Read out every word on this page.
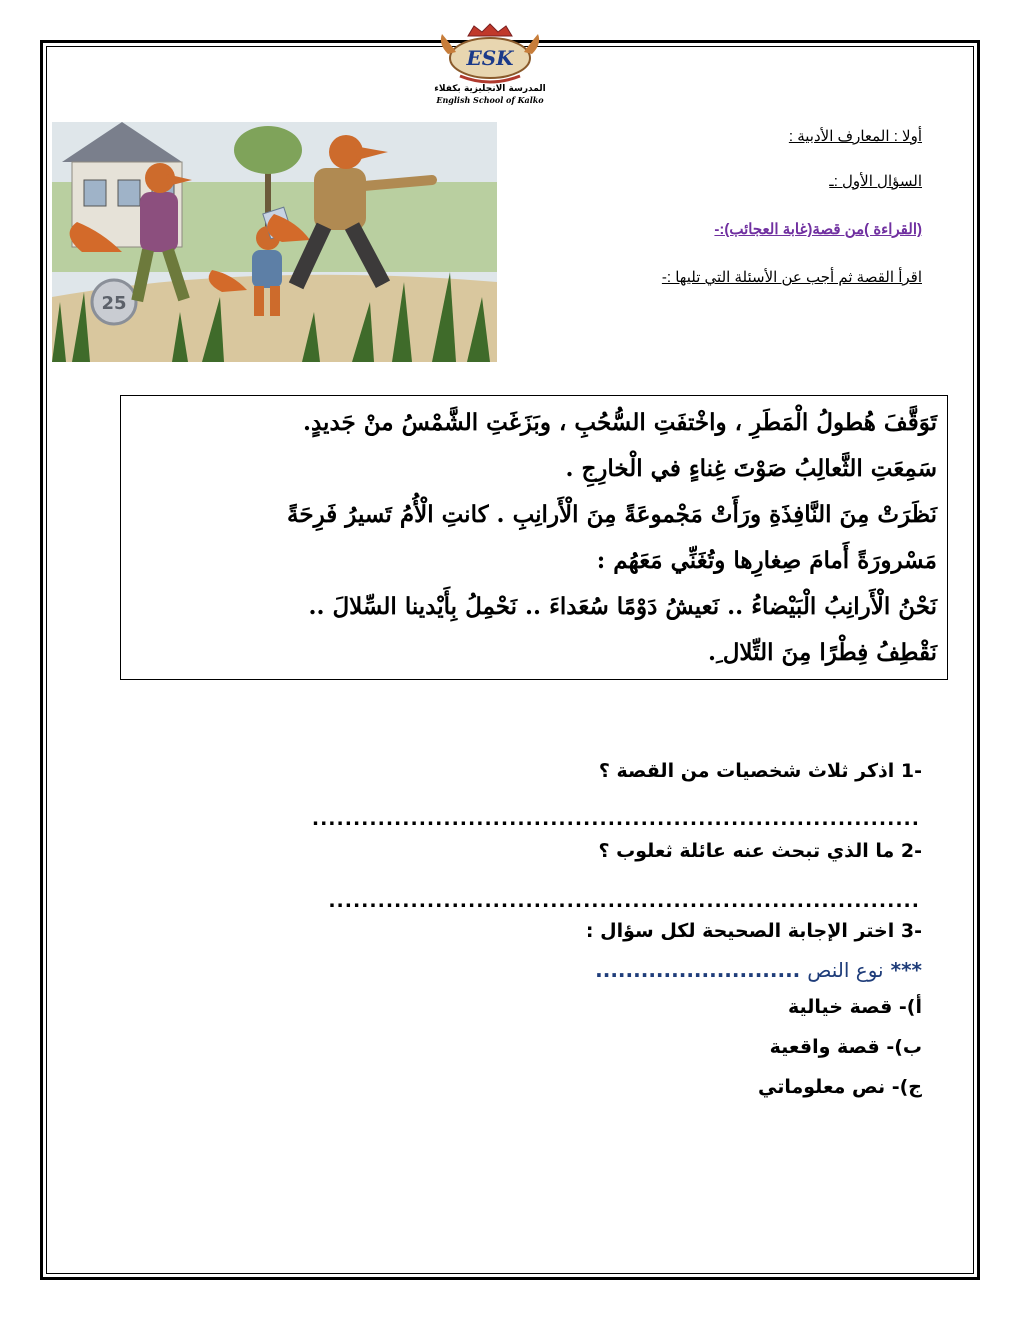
ESK
المدرسة الانجليزية بكفلاء
English School of Kalko
25
أولا : المعارف الأدبية :
السؤال الأول :ـ
(القراءة )من قصة(غابة العجائب):-
اقرأ القصة ثم أجب عن الأسئلة التي تليها :-

تَوَقَّفَ هُطولُ الْمَطَرِ ، واخْتفَتِ السُّحُبِ ، وبَزَغَتِ الشَّمْسُ منْ جَديدٍ.

سَمِعَتِ الثَّعالِبُ صَوْتَ غِناءٍ في الْخارِجِ .

نَظَرَتْ مِنَ النَّافِذَةِ ورَأَتْ مَجْموعَةً مِنَ الْأَرانِبِ . كانتِ الْأُمُ تَسيرُ فَرِحَةً

مَسْرورَةً أَمامَ صِغارِها وتُغَنِّي مَعَهُم :

نَحْنُ الْأَرانِبُ الْبَيْضاءُ .. نَعيشُ دَوْمًا سُعَداءَ .. نَحْمِلُ بِأَيْدينا السِّلالَ ..

نَقْطِفُ فِطْرًا مِنَ التِّلال ِ.

1- اذكر ثلاث شخصيات من القصة ؟
..........................................................................
2- ما الذي تبحث عنه عائلة ثعلوب ؟
........................................................................
3- اختر الإجابة الصحيحة لكل سؤال :
*** نوع النص ...........................
أ)- قصة خيالية
ب)- قصة واقعية
ج)- نص معلوماتي
